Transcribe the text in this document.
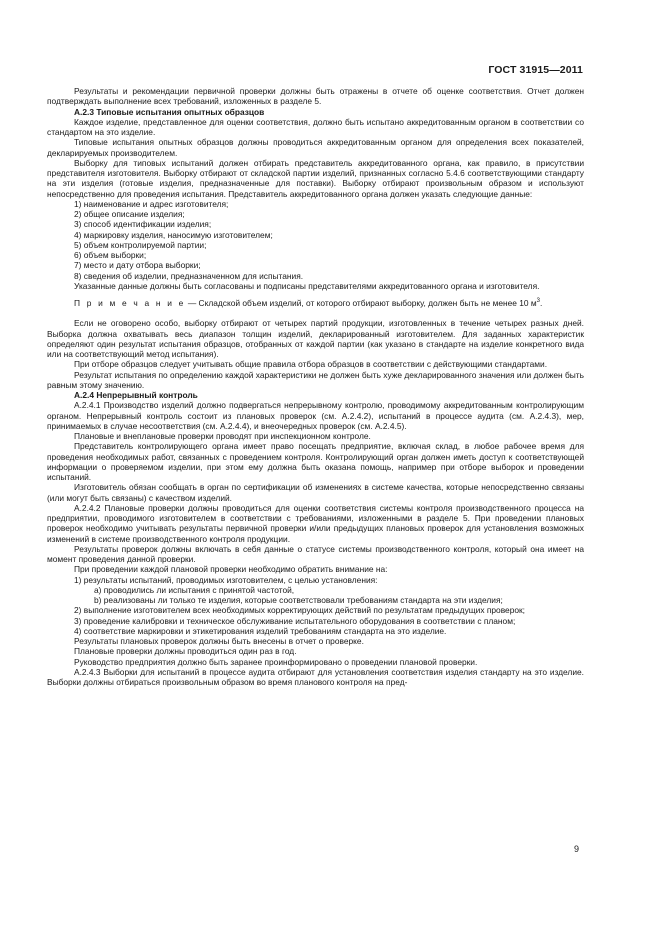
ГОСТ 31915—2011
Результаты и рекомендации первичной проверки должны быть отражены в отчете об оценке соответствия. Отчет должен подтверждать выполнение всех требований, изложенных в разделе 5.
А.2.3 Типовые испытания опытных образцов
Каждое изделие, представленное для оценки соответствия, должно быть испытано аккредитованным органом в соответствии со стандартом на это изделие.
Типовые испытания опытных образцов должны проводиться аккредитованным органом для определения всех показателей, декларируемых производителем.
Выборку для типовых испытаний должен отбирать представитель аккредитованного органа, как правило, в присутствии представителя изготовителя. Выборку отбирают от складской партии изделий, признанных согласно 5.4.6 соответствующими стандарту на эти изделия (готовые изделия, предназначенные для поставки). Выборку отбирают произвольным образом и используют непосредственно для проведения испытания. Представитель аккредитованного органа должен указать следующие данные:
1) наименование и адрес изготовителя;
2) общее описание изделия;
3) способ идентификации изделия;
4) маркировку изделия, наносимую изготовителем;
5) объем контролируемой партии;
6) объем выборки;
7) место и дату отбора выборки;
8) сведения об изделии, предназначенном для испытания.
Указанные данные должны быть согласованы и подписаны представителями аккредитованного органа и изготовителя.
П р и м е ч а н и е — Складской объем изделий, от которого отбирают выборку, должен быть не менее 10 $м^3$.
Если не оговорено особо, выборку отбирают от четырех партий продукции, изготовленных в течение четырех разных дней. Выборка должна охватывать весь диапазон толщин изделий, декларированный изготовителем. Для заданных характеристик определяют один результат испытания образцов, отобранных от каждой партии (как указано в стандарте на изделие конкретного вида или на соответствующий метод испытания).
При отборе образцов следует учитывать общие правила отбора образцов в соответствии с действующими стандартами.
Результат испытания по определению каждой характеристики не должен быть хуже декларированного значения или должен быть равным этому значению.
А.2.4 Непрерывный контроль
А.2.4.1 Производство изделий должно подвергаться непрерывному контролю, проводимому аккредитованным контролирующим органом. Непрерывный контроль состоит из плановых проверок (см. А.2.4.2), испытаний в процессе аудита (см. А.2.4.3), мер, принимаемых в случае несоответствия (см. А.2.4.4), и внеочередных проверок (см. А.2.4.5).
Плановые и внеплановые проверки проводят при инспекционном контроле.
Представитель контролирующего органа имеет право посещать предприятие, включая склад, в любое рабочее время для проведения необходимых работ, связанных с проведением контроля. Контролирующий орган должен иметь доступ к соответствующей информации о проверяемом изделии, при этом ему должна быть оказана помощь, например при отборе выборок и проведении испытаний.
Изготовитель обязан сообщать в орган по сертификации об изменениях в системе качества, которые непосредственно связаны (или могут быть связаны) с качеством изделий.
А.2.4.2 Плановые проверки должны проводиться для оценки соответствия системы контроля производственного процесса на предприятии, проводимого изготовителем в соответствии с требованиями, изложенными в разделе 5. При проведении плановых проверок необходимо учитывать результаты первичной проверки и/или предыдущих плановых проверок для установления возможных изменений в системе производственного контроля продукции.
Результаты проверок должны включать в себя данные о статусе системы производственного контроля, который она имеет на момент проведения данной проверки.
При проведении каждой плановой проверки необходимо обратить внимание на:
1) результаты испытаний, проводимых изготовителем, с целью установления:
а) проводились ли испытания с принятой частотой,
b) реализованы ли только те изделия, которые соответствовали требованиям стандарта на эти изделия;
2) выполнение изготовителем всех необходимых корректирующих действий по результатам предыдущих проверок;
3) проведение калибровки и техническое обслуживание испытательного оборудования в соответствии с планом;
4) соответствие маркировки и этикетирования изделий требованиям стандарта на это изделие.
Результаты плановых проверок должны быть внесены в отчет о проверке.
Плановые проверки должны проводиться один раз в год.
Руководство предприятия должно быть заранее проинформировано о проведении плановой проверки.
А.2.4.3 Выборки для испытаний в процессе аудита отбирают для установления соответствия изделия стандарту на это изделие. Выборки должны отбираться произвольным образом во время планового контроля на пред-
9
